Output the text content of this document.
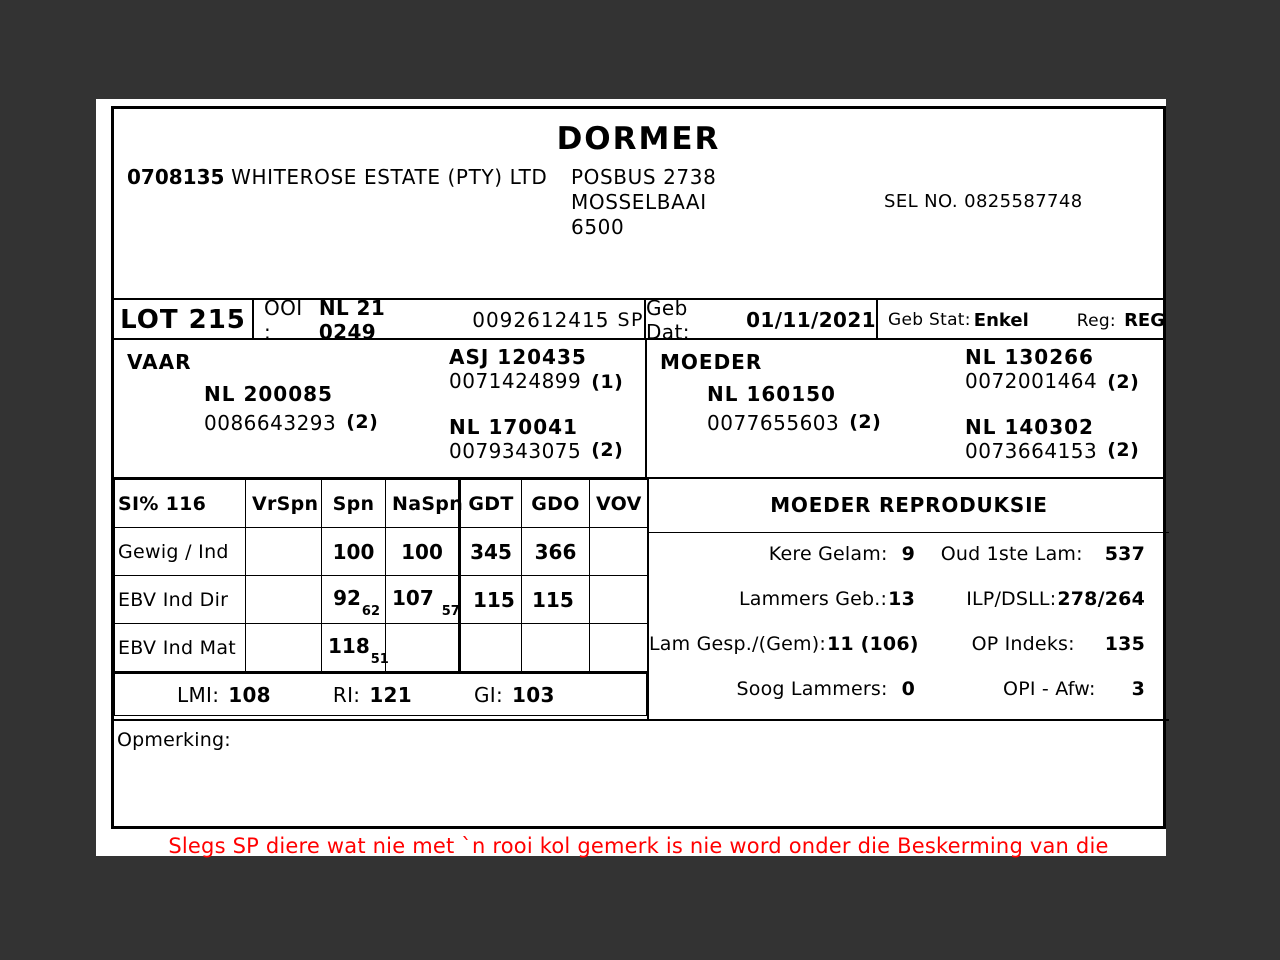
DORMER
0708135 WHITEROSE ESTATE (PTY) LTD POSBUS 2738
MOSSELBAAI
6500
SEL NO. 0825587748
LOT 215 OOI :
NL 21 0249	0092612415 SP Geb Dat:	01/11/2021 Geb Stat: Enkel	Reg: REG
VAAR
NL 200085
0086643293 (2)
ASJ 120435
0071424899 (1)
NL 170041
0079343075 (2)
MOEDER
NL 160150
0077655603 (2)
NL 130266
0072001464 (2)
NL 140302
0073664153 (2)
SI% 116	VrSpn	Spn	NaSpn	GDT	GDO	VOV
Gewig / Ind		100	100	345	366	
EBV Ind Dir		$92_{62}$	$107_{57}$	115	115	
EBV Ind Mat		$118_{51}$				
LMI: 108	RI: 121	GI: 103
MOEDER REPRODUKSIE
Kere Gelam: 9	Oud 1ste Lam: 537
Lammers Geb.:13	ILP/DSLL:278/264
Lam Gesp./(Gem):11 (106)	OP Indeks: 135
Soog Lammers: 0	OPI - Afw: 3
Opmerking:
Slegs SP diere wat nie met `n rooi kol gemerk is nie word onder die Beskerming van die
